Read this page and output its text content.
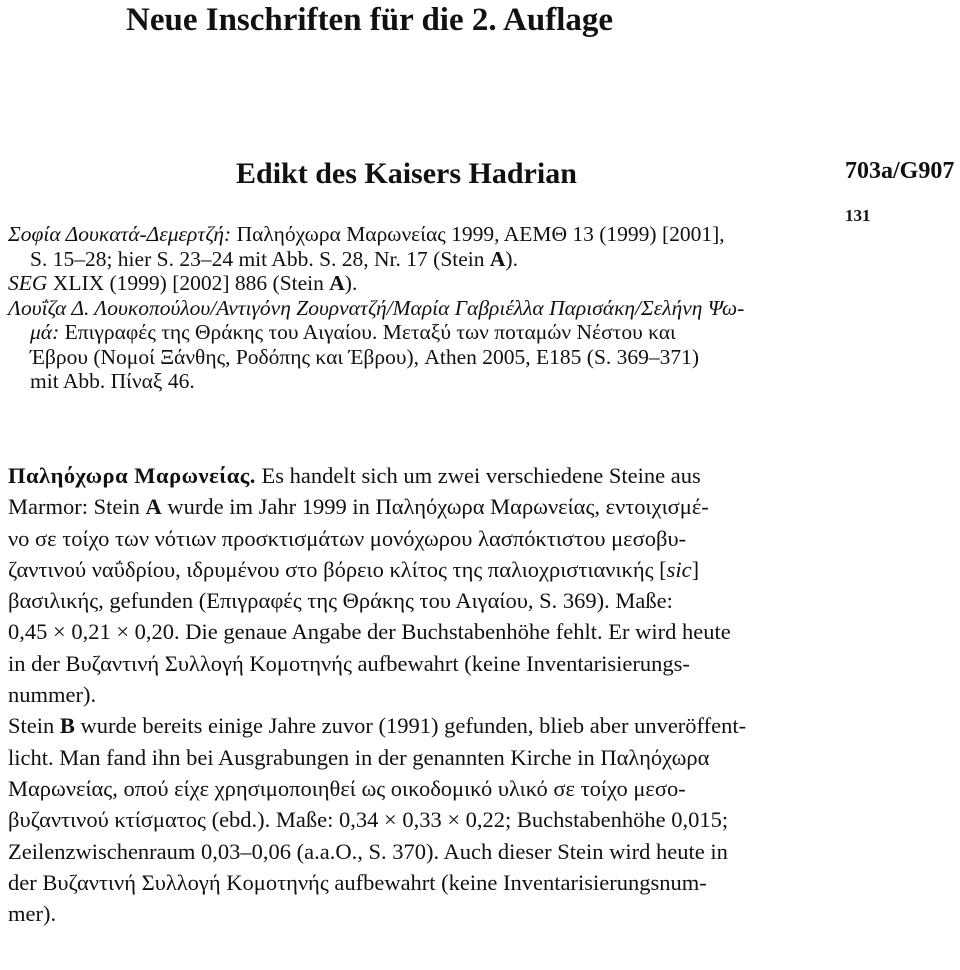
Neue Inschriften für die 2. Auflage
Edikt des Kaisers Hadrian	703a/G907
131
Σοφία Δουκατά-Δεμερτζή: Παληόχωρα Μαρωνείας 1999, ΑΕΜΘ 13 (1999) [2001],
S. 15–28; hier S. 23–24 mit Abb. S. 28, Nr. 17 (Stein A).
SEG XLIX (1999) [2002] 886 (Stein A).
Λουΐζα Δ. Λουκοπούλου/Αντιγόνη Ζουρνατζή/Μαρία Γαβριέλλα Παρισάκη/Σελήνη Ψω-
μά: Επιγραφές της Θράκης του Αιγαίου. Μεταξύ των ποταμών Νέστου και
Έβρου (Νομοί Ξάνθης, Ροδόπης και Έβρου), Athen 2005, E185 (S. 369–371)
mit Abb. Πίναξ 46.
Παληόχωρα Μαρωνείας. Es handelt sich um zwei verschiedene Steine aus
Marmor: Stein A wurde im Jahr 1999 in Παληόχωρα Μαρωνείας, εντοιχισμέ-
νο σε τοίχο των νότιων προσκτισμάτων μονόχωρου λασπόκτιστου μεσοβυ-
ζαντινού ναΰδρίου, ιδρυμένου στο βόρειο κλίτος της παλιοχριστιανικής [sic]
βασιλικής, gefunden (Επιγραφές της Θράκης του Αιγαίου, S. 369). Maße:
0,45 × 0,21 × 0,20. Die genaue Angabe der Buchstabenhöhe fehlt. Er wird heute
in der Βυζαντινή Συλλογή Κομοτηνής aufbewahrt (keine Inventarisierungs-
nummer).
Stein B wurde bereits einige Jahre zuvor (1991) gefunden, blieb aber unveröffent-
licht. Man fand ihn bei Ausgrabungen in der genannten Kirche in Παληόχωρα
Μαρωνείας, οπού είχε χρησιμοποιηθεί ως οικοδομικό υλικό σε τοίχο μεσο-
βυζαντινού κτίσματος (ebd.). Maße: 0,34 × 0,33 × 0,22; Buchstabenhöhe 0,015;
Zeilenzwischenraum 0,03–0,06 (a.a.O., S. 370). Auch dieser Stein wird heute in
der Βυζαντινή Συλλογή Κομοτηνής aufbewahrt (keine Inventarisierungsnum-
mer).
